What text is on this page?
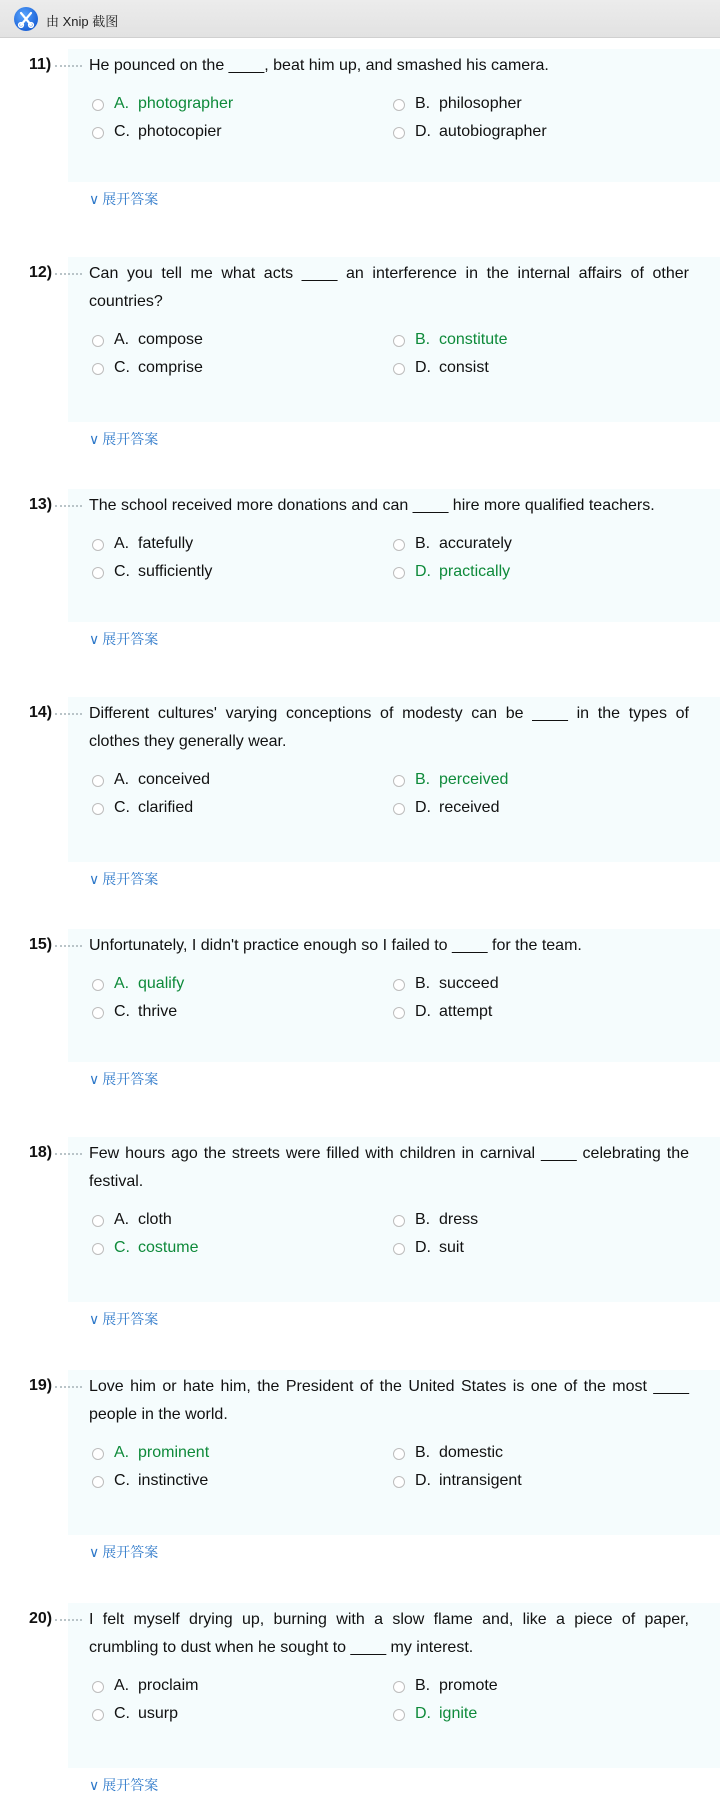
由 Xnip 截图
11) He pounced on the ____, beat him up, and smashed his camera.
A. photographer	B. philosopher
C. photocopier	D. autobiographer
∨ 展开答案
12) Can you tell me what acts ____ an interference in the internal affairs of other countries?
A. compose	B. constitute
C. comprise	D. consist
∨ 展开答案
13) The school received more donations and can ____ hire more qualified teachers.
A. fatefully	B. accurately
C. sufficiently	D. practically
∨ 展开答案
14) Different cultures' varying conceptions of modesty can be ____ in the types of clothes they generally wear.
A. conceived	B. perceived
C. clarified	D. received
∨ 展开答案
15) Unfortunately, I didn't practice enough so I failed to ____ for the team.
A. qualify	B. succeed
C. thrive	D. attempt
∨ 展开答案
18) Few hours ago the streets were filled with children in carnival ____ celebrating the festival.
A. cloth	B. dress
C. costume	D. suit
∨ 展开答案
19) Love him or hate him, the President of the United States is one of the most ____ people in the world.
A. prominent	B. domestic
C. instinctive	D. intransigent
∨ 展开答案
20) I felt myself drying up, burning with a slow flame and, like a piece of paper, crumbling to dust when he sought to ____ my interest.
A. proclaim	B. promote
C. usurp	D. ignite
∨ 展开答案
